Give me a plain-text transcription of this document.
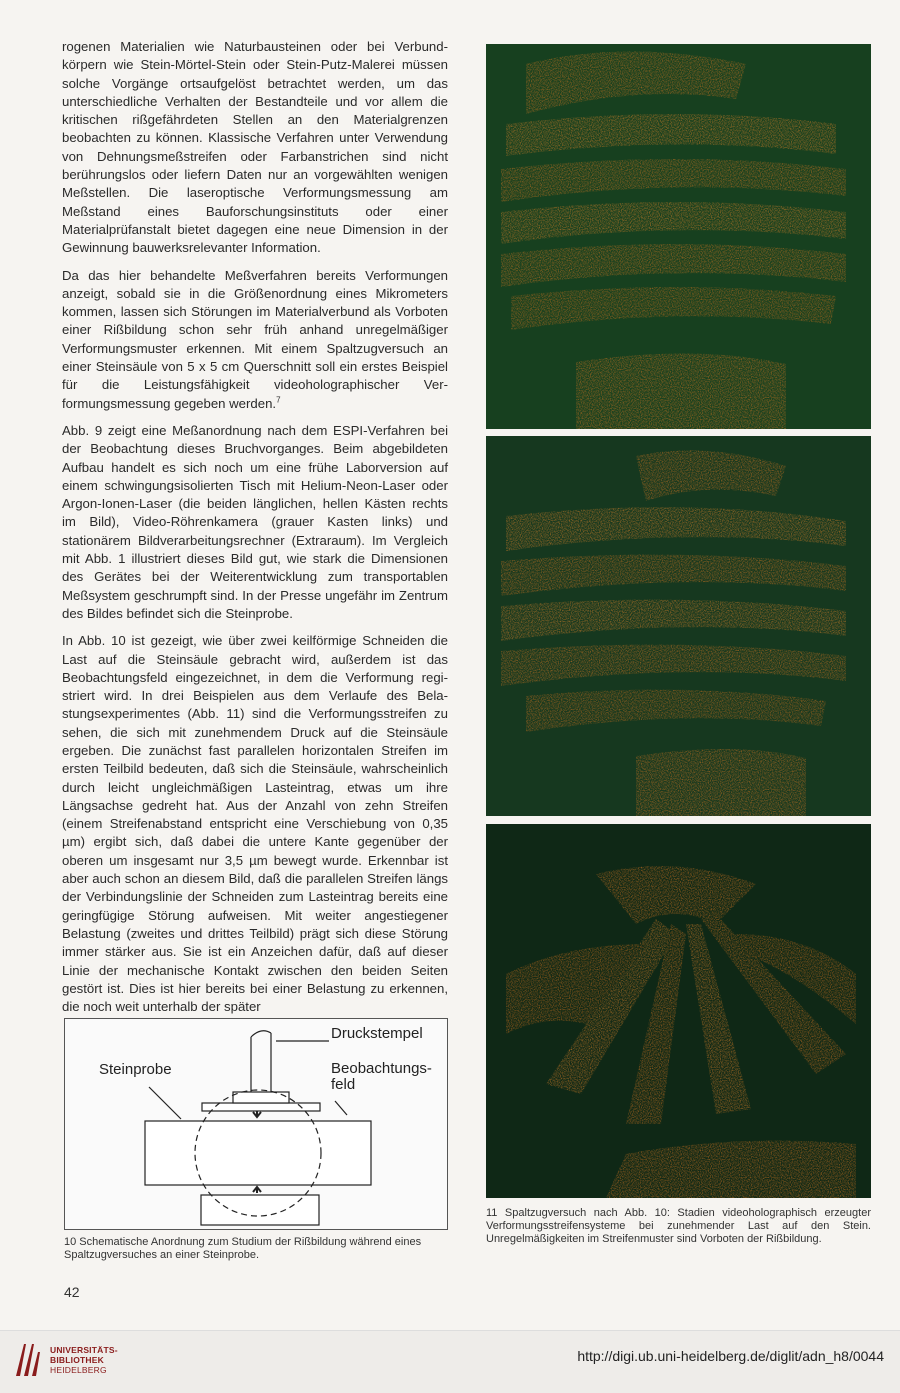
rogenen Materialien wie Naturbausteinen oder bei Verbundkörpern wie Stein-Mörtel-Stein oder Stein-Putz-Malerei müssen solche Vorgänge ortsaufgelöst betrachtet werden, um das unterschiedliche Verhalten der Bestandteile und vor allem die kritischen rißgefährdeten Stellen an den Materialgrenzen beobachten zu können. Klassische Verfahren unter Verwendung von Dehnungsmeßstreifen oder Farbanstrichen sind nicht berührungslos oder liefern Daten nur an vorgewählten wenigen Meßstellen. Die laseroptische Verformungsmessung am Meßstand eines Bauforschungsinstituts oder einer Materialprüfanstalt bietet dagegen eine neue Dimension in der Gewinnung bauwerksrelevanter Information.

Da das hier behandelte Meßverfahren bereits Verformungen anzeigt, sobald sie in die Größenordnung eines Mikrometers kommen, lassen sich Störungen im Materialverbund als Vorboten einer Rißbildung schon sehr früh anhand unregelmäßiger Verformungsmuster erkennen. Mit einem Spaltzugversuch an einer Steinsäule von 5 x 5 cm Querschnitt soll ein erstes Beispiel für die Leistungsfähigkeit videoholographischer Verformungsmessung gegeben werden.$^7$

Abb. 9 zeigt eine Meßanordnung nach dem ESPI-Verfahren bei der Beobachtung dieses Bruchvorganges. Beim abgebildeten Aufbau handelt es sich noch um eine frühe Laborversion auf einem schwingungsisolierten Tisch mit Helium-Neon-Laser oder Argon-Ionen-Laser (die beiden länglichen, hellen Kästen rechts im Bild), Video-Röhrenkamera (grauer Kasten links) und stationärem Bildverarbeitungsrechner (Extraraum). Im Vergleich mit Abb. 1 illustriert dieses Bild gut, wie stark die Dimensionen des Gerätes bei der Weiterentwicklung zum transportablen Meßsystem geschrumpft sind. In der Presse ungefähr im Zentrum des Bildes befindet sich die Steinprobe.

In Abb. 10 ist gezeigt, wie über zwei keilförmige Schneiden die Last auf die Steinsäule gebracht wird, außerdem ist das Beobachtungsfeld eingezeichnet, in dem die Verformung registriert wird. In drei Beispielen aus dem Verlaufe des Belastungsexperimentes (Abb. 11) sind die Verformungsstreifen zu sehen, die sich mit zunehmendem Druck auf die Steinsäule ergeben. Die zunächst fast parallelen horizontalen Streifen im ersten Teilbild bedeuten, daß sich die Steinsäule, wahrscheinlich durch leicht ungleichmäßigen Lasteintrag, etwas um ihre Längsachse gedreht hat. Aus der Anzahl von zehn Streifen (einem Streifenabstand entspricht eine Verschiebung von 0,35 µm) ergibt sich, daß dabei die untere Kante gegenüber der oberen um insgesamt nur 3,5 µm bewegt wurde. Erkennbar ist aber auch schon an diesem Bild, daß die parallelen Streifen längs der Verbindungslinie der Schneiden zum Lasteintrag bereits eine geringfügige Störung aufweisen. Mit weiter angestiegener Belastung (zweites und drittes Teilbild) prägt sich diese Störung immer stärker aus. Sie ist ein Anzeichen dafür, daß auf dieser Linie der mechanische Kontakt zwischen den beiden Seiten gestört ist. Dies ist hier bereits bei einer Belastung zu erkennen, die noch weit unterhalb der später

Druckstempel
Steinprobe	Beobachtungs-
feld
10 Schematische Anordnung zum Studium der Rißbildung während eines Spaltzugversuches an einer Steinprobe.
11 Spaltzugversuch nach Abb. 10: Stadien videoholographisch erzeugter Verformungsstreifensysteme bei zunehmender Last auf den Stein. Unregelmäßigkeiten im Streifenmuster sind Vorboten der Rißbildung.
42
UNIVERSITÄTS-
BIBLIOTHEK
HEIDELBERG
http://digi.ub.uni-heidelberg.de/diglit/adn_h8/0044
